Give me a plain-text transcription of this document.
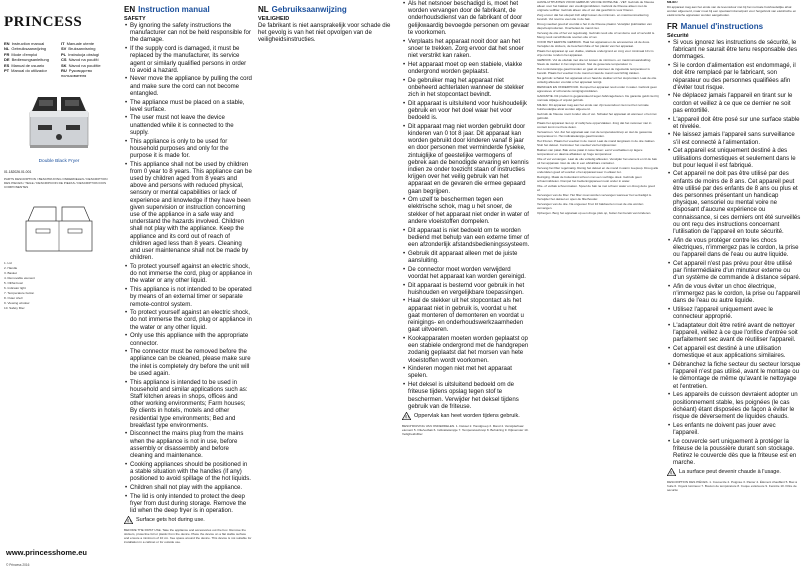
PRINCESS
EN Instruction manual	IT Manuale utente
NL Gebruiksaanwijzing	SV Bruksanvisning
FR Mode d'emploi	PL Instrukcja obsługi
DE Bedienungsanleitung	CS Návod na použití
ES Manual de usuario	SK Návod na použitie
PT Manual do utilizador	RU Руководство пользователя
Double Black Fryer
01.182026.01.001
PARTS DESCRIPTION / BESCHRIJVING ONDERDELEN / DESCRIPTION DES PIECES / TEILE / DESCRIPCION DE PIEZAS / DESCRIPTION DOS COMPONENTES

1. Lid

2. Handle

3. Basket

4. Removable element

5. Oil/fat bowl

6. Indicator light

7. Temperature button

8. Outer shell

9. Viewing window

10. Safety filter

www.princesshome.eu
© Princess 2016
EN Instruction manual
SAFETY
• By ignoring the safety instructions the manufacturer can not be held responsible for the damage.
• If the supply cord is damaged, it must be replaced by the manufacturer, its service agent or similarly qualified persons in order to avoid a hazard.
• Never move the appliance by pulling the cord and make sure the cord can not become entangled.
• The appliance must be placed on a stable, level surface.
• The user must not leave the device unattended while it is connected to the supply.
• This appliance is only to be used for household purposes and only for the purpose it is made for.
• This appliance shall not be used by children from 0 year to 8 years. This appliance can be used by children aged from 8 years and above and persons with reduced physical, sensory or mental capabilities or lack of experience and knowledge if they have been given supervision or instruction concerning use of the appliance in a safe way and understand the hazards involved. Children shall not play with the appliance. Keep the appliance and its cord out of reach of children aged less than 8 years. Cleaning and user maintenance shall not be made by children.
• To protect yourself against an electric shock, do not immerse the cord, plug or appliance in the water or any other liquid.
• This appliance is not intended to be operated by means of an external timer or separate remote-control system.
• To protect yourself against an electric shock, do not immerse the cord, plug or appliance in the water or any other liquid.
• Only use this appliance with the appropriate connector.
• The connector must be removed before the appliance can be cleaned, please make sure the inlet is completely dry before the unit will be used again.
• This appliance is intended to be used in household and similar applications such as: Staff kitchen areas in shops, offices and other working environments; Farm houses; By clients in hotels, motels and other residential type environments; Bed and breakfast type environments.
• Disconnect the mains plug from the mains when the appliance is not in use, before assembly or disassembly and before cleaning and maintenance.
• Cooking appliances should be positioned in a stable situation with the handles (if any) positioned to avoid spillage of the hot liquids.
• Children shall not play with the appliance.
• The lid is only intended to protect the deep fryer from dust during storage. Remove the lid when the deep fryer is in operation.
Surface gets hot during use.
BEFORE THE FIRST USE. Take the appliance and accessories out the box. Remove the stickers, protective foil or plastic from the device. Place the device on a flat stable surface and ensure a minimum of 10 cm. free space around the device. This device is not suitable for installation in a cabinet or for outside use.
NL Gebruiksaanwijzing
VEILIGHEID
De fabrikant is niet aansprakelijk voor schade die het gevolg is van het niet opvolgen van de veiligheidsinstructies.
• Als het netsnoer beschadigd is, moet het worden vervangen door de fabrikant, de onderhoudsdienst van de fabrikant of door gelijkwaardig bevoegde personen om gevaar te voorkomen.
• Verplaats het apparaat nooit door aan het snoer te trekken. Zorg ervoor dat het snoer niet verstrikt kan raken.
• Het apparaat moet op een stabiele, vlakke ondergrond worden geplaatst.
• De gebruiker mag het apparaat niet onbeheerd achterlaten wanneer de stekker zich in het stopcontact bevindt.
• Dit apparaat is uitsluitend voor huishoudelijk gebruik en voor het doel waar het voor bedoeld is.
• Dit apparaat mag niet worden gebruikt door kinderen van 0 tot 8 jaar. Dit apparaat kan worden gebruikt door kinderen vanaf 8 jaar en door personen met verminderde fysieke, zintuiglijke of geestelijke vermogens of gebrek aan de benodigde ervaring en kennis indien ze onder toezicht staan of instructies krijgen over het veilig gebruik van het apparaat en de gevaren die ermee gepaard gaan begrijpen.
• Om uzelf te beschermen tegen een elektrische schok, mag u het snoer, de stekker of het apparaat niet onder in water of andere vloeistoffen dompelen.
• Dit apparaat is niet bedoeld om te worden bediend met behulp van een externe timer of een afzonderlijk afstandsbedieningssysteem.
• Gebruik dit apparaat alleen met de juiste aansluiting.
• De connector moet worden verwijderd voordat het apparaat kan worden gereinigd.
• Dit apparaat is bestemd voor gebruik in het huishouden en vergelijkbare toepassingen.
• Haal de stekker uit het stopcontact als het apparaat niet in gebruik is, voordat u het gaat monteren of demonteren en voordat u reinigings- en onderhoudswerkzaamheden gaat uitvoeren.
• Kookapparaten moeten worden geplaatst op een stabiele ondergrond met de handgrepen zodanig geplaatst dat het morsen van hete vloeistoffen wordt voorkomen.
• Kinderen mogen niet met het apparaat spelen.
• Het deksel is uitsluitend bedoeld om de friteuse tijdens opslag tegen stof te beschermen. Verwijder het deksel tijdens gebruik van de friteuse.
Oppervlak kan heet worden tijdens gebruik.
BESCHRIJVING VAN ONDERDELEN. 1. Deksel 2. Handgreep 3. Mand 4. Verwijderbaar element 5. Olie/vetbak 6. Indicatielampje 7. Temperatuurknop 8. Behuizing 9. Kijkvenster 10. Veiligheidsfilter

AANSLUITPUNTEN VOOR GEBRUIK VAN DE FRITEUSE - VET. Gebruik de friteuse alleen voor het bakken van voedingsmiddelen. Gebruik de friteuse alleen met de originele vetfilter. Gebruik alleen olie of vet dat geschikt is voor friteren.

Zorg ervoor dat het oliepeil zich altijd tussen de minimum- en maximummarkering bevindt. Vul nooit te veel olie in de bak.

Droog voedsel goed af voordat u het in de friteuse plaatst. Verwijder ijskristallen van diepvriesproducten. Overbelast de mand niet.

Vervang de olie of het vet regelmatig. Gebruik nooit olie of vet dat te oud of vervuild is. Meng nooit verschillende soorten olie of vet.

VOOR HET EERSTE GEBRUIK. Haal het apparaat en de accessoires uit de doos. Verwijder de stickers, de beschermfolie of het plastic van het apparaat.

Plaats het apparaat op een vlakke, stabiele ondergrond en zorg voor minimaal 10 cm vrije ruimte rondom het apparaat.

GEBRUIK. Vul de oliebak met olie tot tussen de minimum- en maximumaanduiding. Steek de stekker in het stopcontact. Stel de gewenste temperatuur in.

Het controlelampje gaat branden en gaat uit wanneer de ingestelde temperatuur is bereikt. Plaats het voedsel in de mand en laat de mand voorzichtig zakken.

Na gebruik: schakel het apparaat uit en haal de stekker uit het stopcontact. Laat de olie volledig afkoelen voordat u het apparaat reinigt.

REINIGEN EN ONDERHOUD. Dompel het apparaat nooit onder in water. Gebruik geen agressieve of schurende reinigingsmiddelen.

GARANTIE. Dit product is gegarandeerd tegen fabricagefouten. De garantie geldt niet bij normale slijtage of onjuist gebruik.

MILIEU. Dit apparaat mag aan het einde van zijn levensduur niet met het normale huishoudelijke afval worden afgevoerd.

Gebruik de friteuse nooit zonder olie of vet. Schakel het apparaat uit wanneer u het niet gebruikt.

Plaats het apparaat niet op of nabij hete oppervlakken. Zorg dat het netsnoer niet in contact komt met hete delen.

Verwarmen. Vet. Zet het apparaat aan met de temperatuurknop en stel de gewenste temperatuur in. Het indicatielampje gaat branden.

Het frituren. Plaats het voedsel in de mand. Laat de mand langzaam in de olie zakken. Sluit het deksel. Controleer het voedsel via het kijkvenster.

Bakken van patat. Bak verse patat in twee fasen: eerst voorbakken op lagere temperatuur en daarna afbakken op hoge temperatuur.

Olie of vet vervangen. Laat de olie volledig afkoelen. Verwijder het element en til de bak uit het apparaat. Giet de olie in een afsluitbare container.

Vervang het filter regelmatig. Reinig het deksel en de mand in warm zeepsop. Droog alle onderdelen goed af voordat u het apparaat weer in elkaar zet.

Reiniging. Maak de buitenkant schoon met een vochtige doek. Gebruik geen schuurmiddelen. Dompel het bedieningspaneel nooit onder in water.

Olie- of vetbak schoonmaken. Spoel de bak na met schoon water en droog deze goed af.

Vervangen van de filter. Het filter moet worden vervangen wanneer het verzadigd is. Verwijder het deksel en open de filterhouder.

Vervangen van de olie. Na ongeveer 8 tot 10 bakbeurten moet de olie worden vervangen.

Opbergen. Berg het apparaat op een droge plek op, buiten het bereik van kinderen.

MILIEU

Dit apparaat mag aan het einde van de levensduur niet bij het normale huishoudelijke afval worden afgevoerd, maar moet bij een speciaal inzamelpunt voor hergebruik van elektrische en elektronische apparaten worden aangeboden.

FR Manuel d'instructions
Sécurité
• Si vous ignorez les instructions de sécurité, le fabricant ne saurait être tenu responsable des dommages.
• Si le cordon d'alimentation est endommagé, il doit être remplacé par le fabricant, son réparateur ou des personnes qualifiées afin d'éviter tout risque.
• Ne déplacez jamais l'appareil en tirant sur le cordon et veillez à ce que ce dernier ne soit pas entortillé.
• L'appareil doit être posé sur une surface stable et nivelée.
• Ne laissez jamais l'appareil sans surveillance s'il est connecté à l'alimentation.
• Cet appareil est uniquement destiné à des utilisations domestiques et seulement dans le but pour lequel il est fabriqué.
• Cet appareil ne doit pas être utilisé par des enfants de moins de 8 ans. Cet appareil peut être utilisé par des enfants de 8 ans ou plus et des personnes présentant un handicap physique, sensoriel ou mental voire ne disposant d'aucune expérience ou connaissance, si ces derniers ont été surveillés ou ont reçu des instructions concernant l'utilisation de l'appareil en toute sécurité.
• Afin de vous protéger contre les chocs électriques, n'immergez pas le cordon, la prise ou l'appareil dans de l'eau ou autre liquide.
• Cet appareil n'est pas prévu pour être utilisé par l'intermédiaire d'un minuteur externe ou d'un système de commande à distance séparé.
• Afin de vous éviter un choc électrique, n'immergez pas le cordon, la prise ou l'appareil dans de l'eau ou autre liquide.
• Utilisez l'appareil uniquement avec le connecteur approprié.
• L'adaptateur doit être retiré avant de nettoyer l'appareil, veillez à ce que l'orifice d'entrée soit parfaitement sec avant de réutiliser l'appareil.
• Cet appareil est destiné à une utilisation domestique et aux applications similaires.
• Débranchez la fiche secteur du secteur lorsque l'appareil n'est pas utilisé, avant le montage ou le démontage de même qu'avant le nettoyage et l'entretien.
• Les appareils de cuisson devraient adopter un positionnement stable, les poignées (le cas échéant) étant disposées de façon à éviter le risque de déversement de liquides chauds.
• Les enfants ne doivent pas jouer avec l'appareil.
• Le couvercle sert uniquement à protéger la friteuse de la poussière durant son stockage. Retirez le couvercle dès que la friteuse est en marche.
La surface peut devenir chaude à l'usage.
DESCRIPTION DES PIÈCES. 1. Couvercle 2. Poignée 3. Panier 4. Élément chauffant 5. Bac à huile 6. Voyant lumineux 7. Bouton de température 8. Coque extérieure 9. Fenêtre 10. Filtre de sécurité
